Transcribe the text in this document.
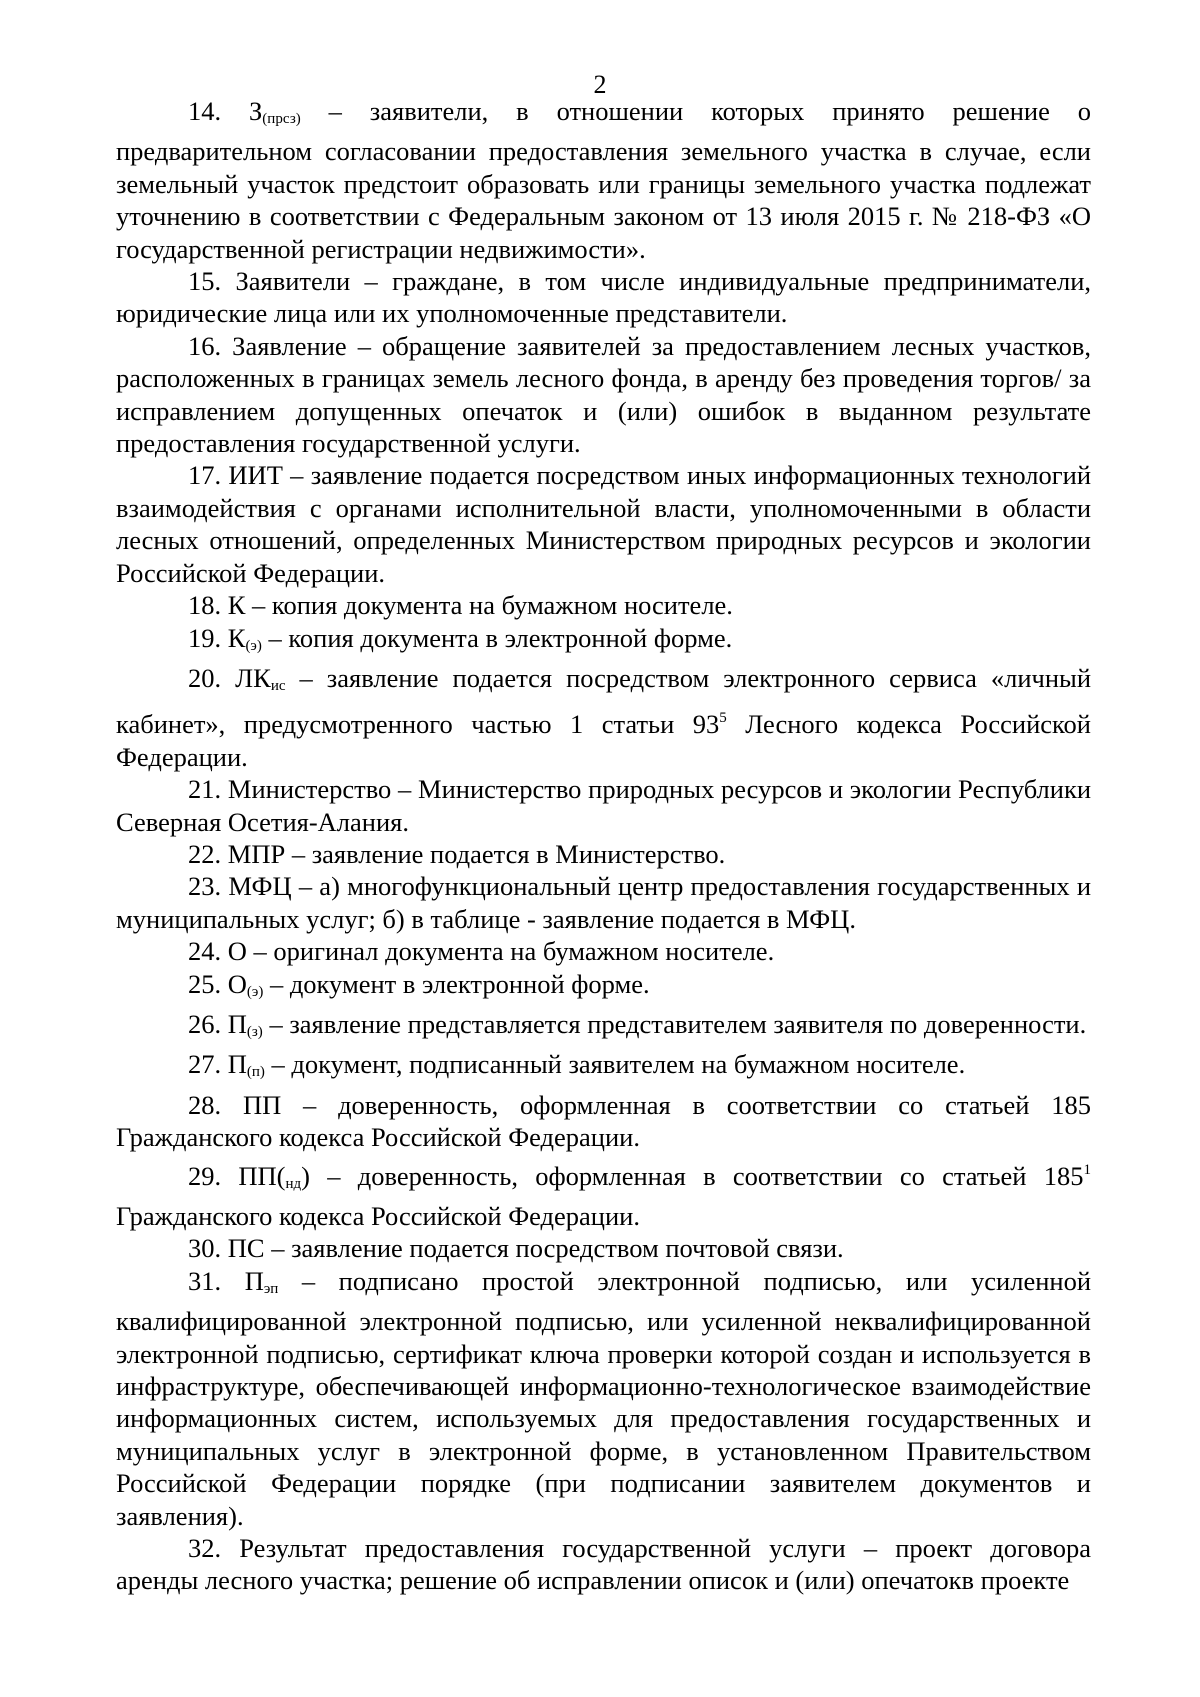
2

14. $З_{(прсз)}$ – заявители, в отношении которых принято решение о предварительном согласовании предоставления земельного участка в случае, если земельный участок предстоит образовать или границы земельного участка подлежат уточнению в соответствии с Федеральным законом от 13 июля 2015 г. № 218-ФЗ «О государственной регистрации недвижимости».

15. Заявители – граждане, в том числе индивидуальные предприниматели, юридические лица или их уполномоченные представители.

16. Заявление – обращение заявителей за предоставлением лесных участков, расположенных в границах земель лесного фонда, в аренду без проведения торгов/ за исправлением допущенных опечаток и (или) ошибок в выданном результате предоставления государственной услуги.

17. ИИТ – заявление подается посредством иных информационных технологий взаимодействия с органами исполнительной власти, уполномоченными в области лесных отношений, определенных Министерством природных ресурсов и экологии Российской Федерации.

18. К – копия документа на бумажном носителе.

19. $К_{(э)}$ – копия документа в электронной форме.

20. $ЛК_{ис}$ – заявление подается посредством электронного сервиса «личный кабинет», предусмотренного частью 1 статьи $93^5$ Лесного кодекса Российской Федерации.

21. Министерство – Министерство природных ресурсов и экологии Республики Северная Осетия-Алания.

22. МПР – заявление подается в Министерство.

23. МФЦ – а) многофункциональный центр предоставления государственных и муниципальных услуг; б) в таблице - заявление подается в МФЦ.

24. О – оригинал документа на бумажном носителе.

25. $О_{(э)}$ – документ в электронной форме.

26. $П_{(з)}$ – заявление представляется представителем заявителя по доверенности.

27. $П_{(п)}$ – документ, подписанный заявителем на бумажном носителе.

28. ПП – доверенность, оформленная в соответствии со статьей 185 Гражданского кодекса Российской Федерации.

29. $ПП(_{нд})$ – доверенность, оформленная в соответствии со статьей $185^1$ Гражданского кодекса Российской Федерации.

30. ПС – заявление подается посредством почтовой связи.

31. $П_{эп}$ – подписано простой электронной подписью, или усиленной квалифицированной электронной подписью, или усиленной неквалифицированной электронной подписью, сертификат ключа проверки которой создан и используется в инфраструктуре, обеспечивающей информационно-технологическое взаимодействие информационных систем, используемых для предоставления государственных и муниципальных услуг в электронной форме, в установленном Правительством Российской Федерации порядке (при подписании заявителем документов и заявления).

32. Результат предоставления государственной услуги – проект договора аренды лесного участка; решение об исправлении описок и (или) опечатокв проекте
